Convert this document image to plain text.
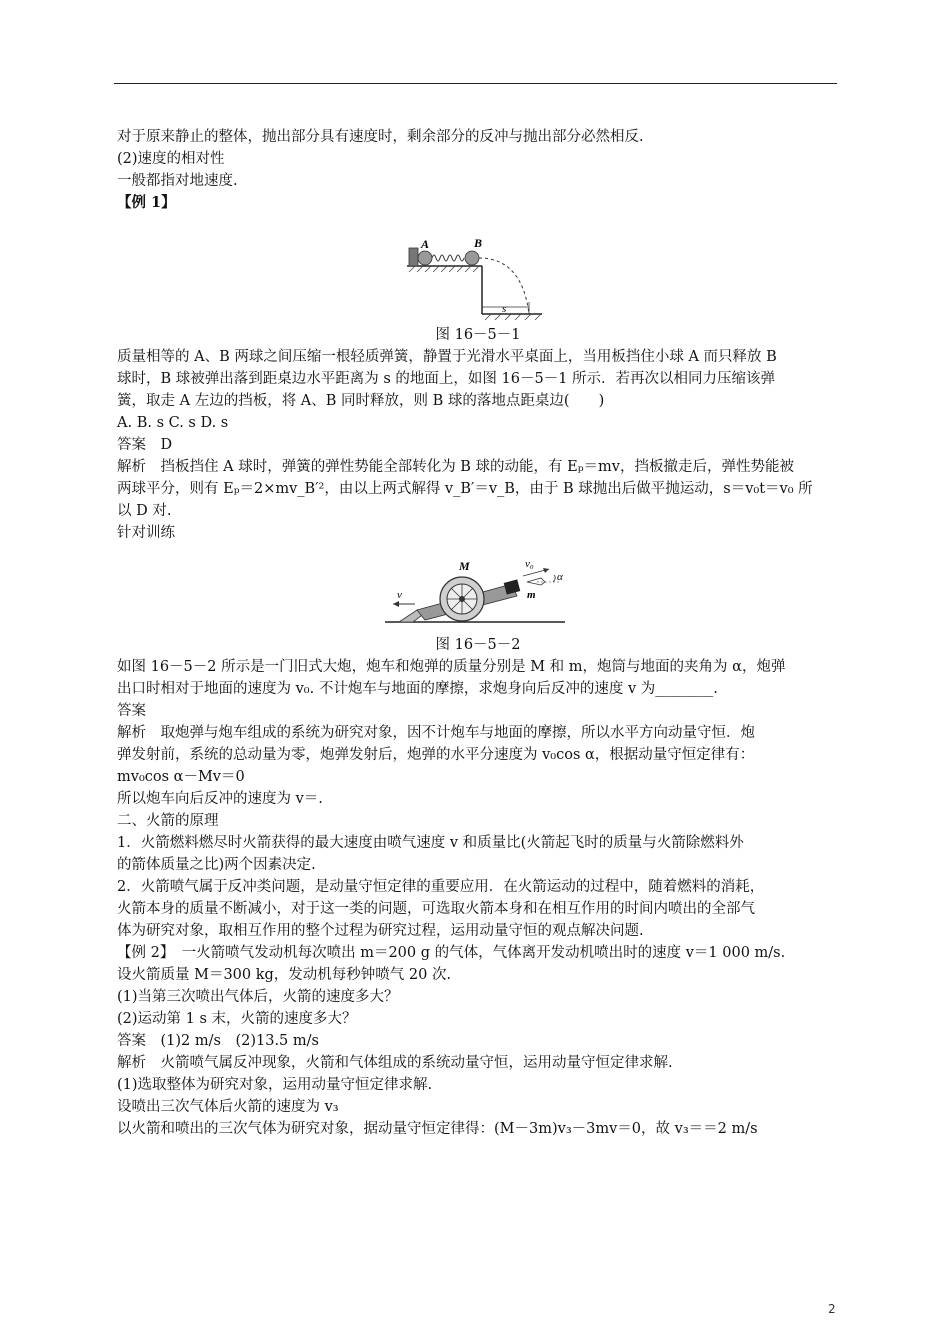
对于原来静止的整体，抛出部分具有速度时，剩余部分的反冲与抛出部分必然相反.
(2)速度的相对性
一般都指对地速度.
【例 1】
A	B
s
图 16－5－1
质量相等的 A、B 两球之间压缩一根轻质弹簧，静置于光滑水平桌面上，当用板挡住小球 A 而只释放 B
球时，B 球被弹出落到距桌边水平距离为 s 的地面上，如图 16－5－1 所示．若再次以相同力压缩该弹
簧，取走 A 左边的挡板，将 A、B 同时释放，则 B 球的落地点距桌边(　　)
A. B. s C. s D. s
答案　D
解析　挡板挡住 A 球时，弹簧的弹性势能全部转化为 B 球的动能，有 Eₚ＝mv，挡板撤走后，弹性势能被
两球平分，则有 Eₚ＝2×mv_B′²，由以上两式解得 v_B′＝v_B，由于 B 球抛出后做平抛运动，s＝v₀t＝v₀ 所
以 D 对.
针对训练
M	v₀
m
α
v
图 16－5－2
如图 16－5－2 所示是一门旧式大炮，炮车和炮弹的质量分别是 M 和 m，炮筒与地面的夹角为 α，炮弹
出口时相对于地面的速度为 v₀. 不计炮车与地面的摩擦，求炮身向后反冲的速度 v 为________.
答案
解析　取炮弹与炮车组成的系统为研究对象，因不计炮车与地面的摩擦，所以水平方向动量守恒．炮
弹发射前，系统的总动量为零，炮弹发射后，炮弹的水平分速度为 v₀cos α，根据动量守恒定律有：
mv₀cos α－Mv＝0
所以炮车向后反冲的速度为 v＝.
二、火箭的原理
1．火箭燃料燃尽时火箭获得的最大速度由喷气速度 v 和质量比(火箭起飞时的质量与火箭除燃料外
的箭体质量之比)两个因素决定.
2．火箭喷气属于反冲类问题，是动量守恒定律的重要应用．在火箭运动的过程中，随着燃料的消耗，
火箭本身的质量不断减小，对于这一类的问题，可选取火箭本身和在相互作用的时间内喷出的全部气
体为研究对象，取相互作用的整个过程为研究过程，运用动量守恒的观点解决问题.
【例 2】　一火箭喷气发动机每次喷出 m＝200 g 的气体，气体离开发动机喷出时的速度 v＝1 000 m/s.
设火箭质量 M＝300 kg，发动机每秒钟喷气 20 次.
(1)当第三次喷出气体后，火箭的速度多大？
(2)运动第 1 s 末，火箭的速度多大？
答案　(1)2 m/s　(2)13.5 m/s
解析　火箭喷气属反冲现象，火箭和气体组成的系统动量守恒，运用动量守恒定律求解.
(1)选取整体为研究对象，运用动量守恒定律求解.
设喷出三次气体后火箭的速度为 v₃
以火箭和喷出的三次气体为研究对象，据动量守恒定律得：(M－3m)v₃－3mv＝0，故 v₃＝＝2 m/s
2
